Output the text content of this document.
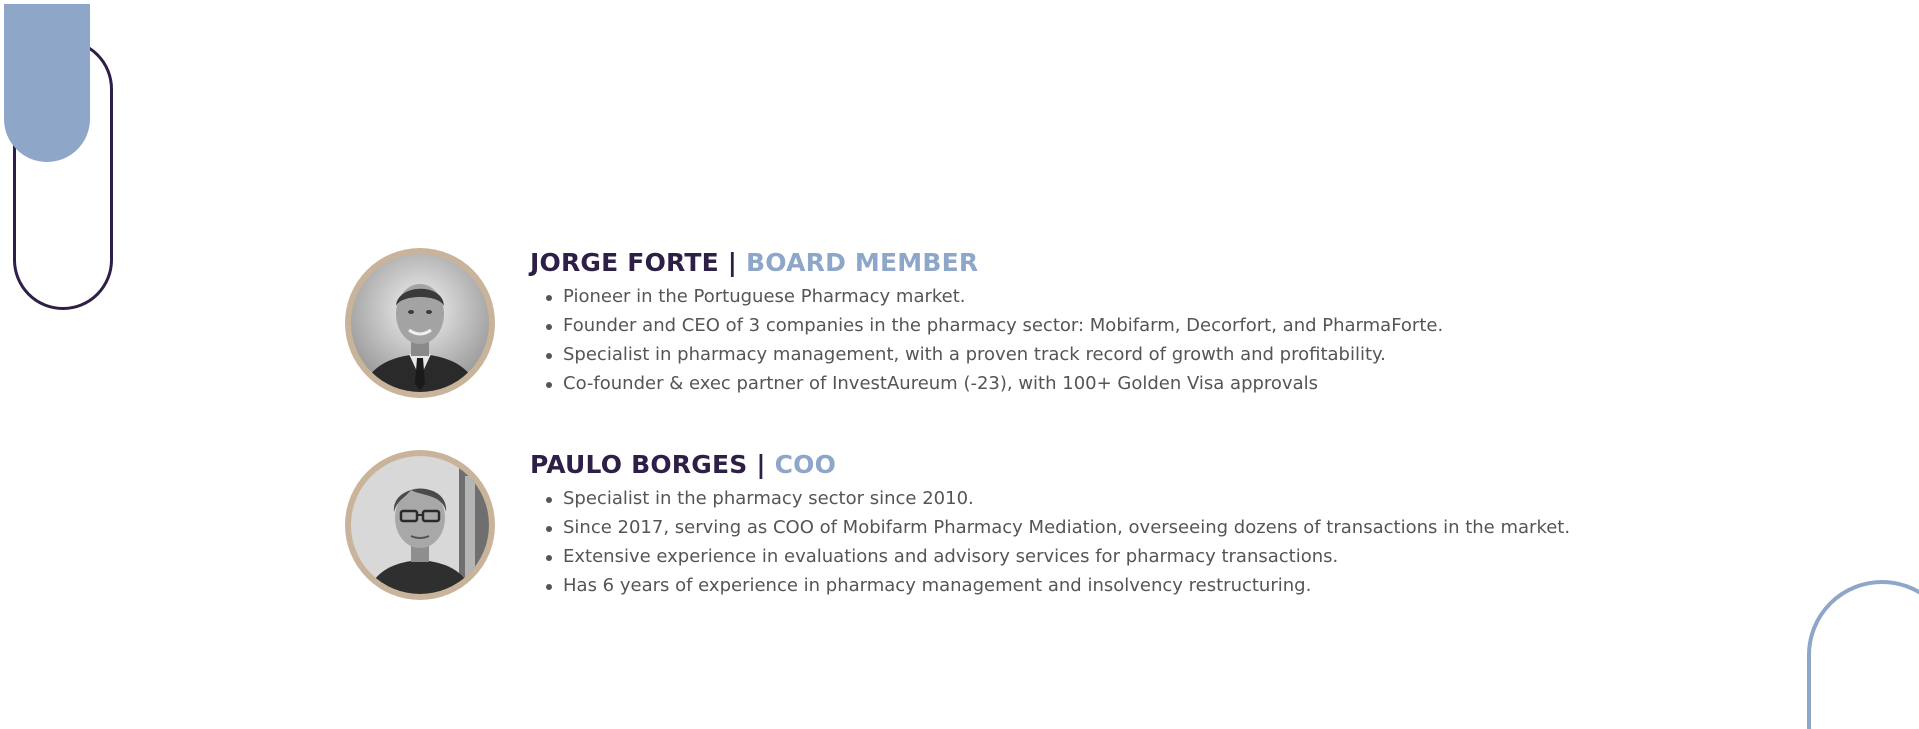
JORGE FORTE | BOARD MEMBER
Pioneer in the Portuguese Pharmacy market.
Founder and CEO of 3 companies in the pharmacy sector: Mobifarm, Decorfort, and PharmaForte.
Specialist in pharmacy management, with a proven track record of growth and profitability.
Co-founder & exec partner of InvestAureum (-23), with 100+ Golden Visa approvals
PAULO BORGES | COO
Specialist in the pharmacy sector since 2010.
Since 2017, serving as COO of Mobifarm Pharmacy Mediation, overseeing dozens of transactions in the market.
Extensive experience in evaluations and advisory services for pharmacy transactions.
Has 6 years of experience in pharmacy management and insolvency restructuring.
